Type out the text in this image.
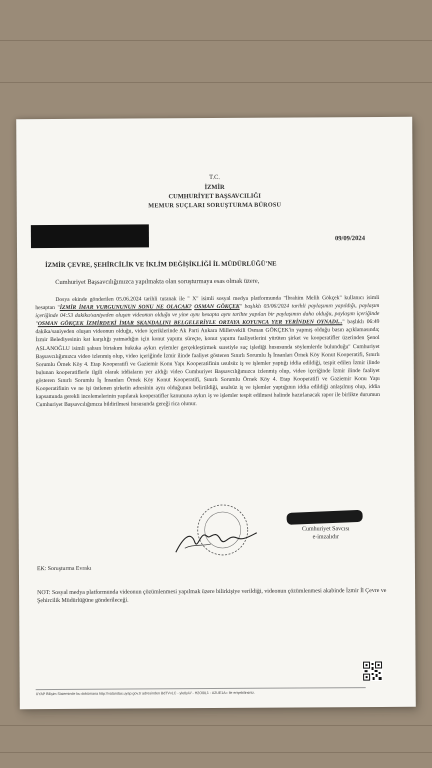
T.C.
İZMİR
CUMHURİYET BAŞSAVCILIĞI
MEMUR SUÇLARI SORUŞTURMA BÜROSU
09/09/2024
İZMİR ÇEVRE, ŞEHİRCİLİK VE İKLİM DEĞİŞİKLİĞİ İL MÜDÜRLÜĞÜ'NE
Cumhuriyet Başsavcılığımızca yapılmakta olan soruşturmaya esas olmak üzere,
Dosya ekinde gönderilen 05.06.2024 tarihli tutanak ile " X" isimli sosyal medya platformunda "İbrahim Melih Gökçek" kullanıcı isimli hesaptan "İZMİR İMAR VURGUNUNUN SONU NE OLACAK? OSMAN GÖKÇEK" başlıklı 03/06/2024 tarihli paylaşımın yapıldığı, paylaşım içeriğinde 04:53 dakika/saniyeden oluşan videonun olduğu ve yine aynı hesapta aynı tarihte yapılan bir paylaşımın daha olduğu, paylaşım içeriğinde "OSMAN GÖKÇEK İZMİRDEKİ İMAR SKANDALINI BELGELERİYLE ORTAYA KOYUNCA YER YERİNDEN OYNADI..." başlıklı 06:49 dakika/saniyeden oluşan videonun olduğu, video içeriklerinde Ak Parti Ankara Milletvekili Osman GÖKÇEK'in yapmış olduğu basın açıklamasında; İzmir Belediyesinin kat karşılığı yatmadığın için konut yapımı süreçte, konut yapımı faaliyetlerini yürüten şirket ve kooperatifler üzerinden Şenol ASLANOĞLU isimli şahsın birtakım hukuka aykırı eylemler gerçekleştirmek suretiyle suç işlediği hususunda söylemlerde bulunduğu" Cumhuriyet Başsavcılığımızca video izlenmiş olup, video içeriğinde İzmir ilinde faaliyet gösteren Sınırlı Sorumlu İş İnsanları Örnek Köy Konut Kooperatifi, Sınırlı Sorumlu Örnek Köy 4. Etap Kooperatifi ve Gaziemir Konu Yapı Kooperatifinin usulsüz iş ve işlemler yaptığı iddia edildiği, tespit edilen İzmir ilinde bulunan kooperatiflerle ilgili olarak iddiaların yer aldığı video Cumhuriyet Başsavcılığımızca izlenmiş olup, video içeriğinde İzmir ilinde faaliyet gösteren Sınırlı Sorumlu İş İnsanları Örnek Köy Konut Kooperatifi, Sınırlı Sorumlu Örnek Köy 4. Etap Kooperatifi ve Gaziemir Konu Yapı Kooperatifinin ve ne işi üstlenen şirketin adresinin aynı olduğunun belirtildiği, usulsüz iş ve işlemler yaptığının iddia edildiği anlaşılmış olup, iddia kapsamında gerekli incelemelerinin yapılarak kooperatifler kanununa aykırı iş ve işlemler tespit edilmesi halinde hazırlanacak rapor ile birlikte durumun Cumhuriyet Başsavcılığımıza bildirilmesi hususunda gereği rica olunur.
Cumhuriyet Savcısı
e-imzalıdır
EK: Soruşturma Evrakı
NOT: Sosyal medya platformunda videonun çözümlenmesi yapılmak üzere bilirkişiye verildiği, videonun çözümlenmesi akabinde İzmir İl Çevre ve Şehircilik Müdürlüğüne gönderileceği.
UYAP Bilişim Sisteminde bu dokümana http://vatandas.uyap.gov.tr adresinden BdTVvLC - yle0yU/ - H2Ol0L1 - A2UE1A= ile erişebilirsiniz.
